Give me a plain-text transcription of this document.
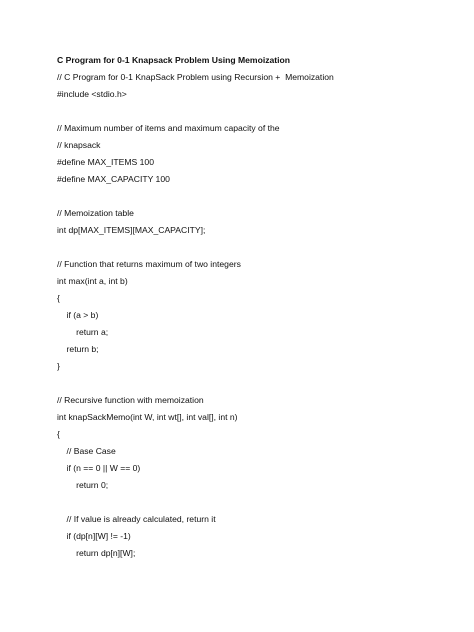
C Program for 0-1 Knapsack Problem Using Memoization
// C Program for 0-1 KnapSack Problem using Recursion +  Memoization
#include <stdio.h>
// Maximum number of items and maximum capacity of the
// knapsack
#define MAX_ITEMS 100
#define MAX_CAPACITY 100
// Memoization table
int dp[MAX_ITEMS][MAX_CAPACITY];
// Function that returns maximum of two integers
int max(int a, int b)
{
if (a > b)
return a;
return b;
}
// Recursive function with memoization
int knapSackMemo(int W, int wt[], int val[], int n)
{
// Base Case
if (n == 0 || W == 0)
return 0;
// If value is already calculated, return it
if (dp[n][W] != -1)
return dp[n][W];
